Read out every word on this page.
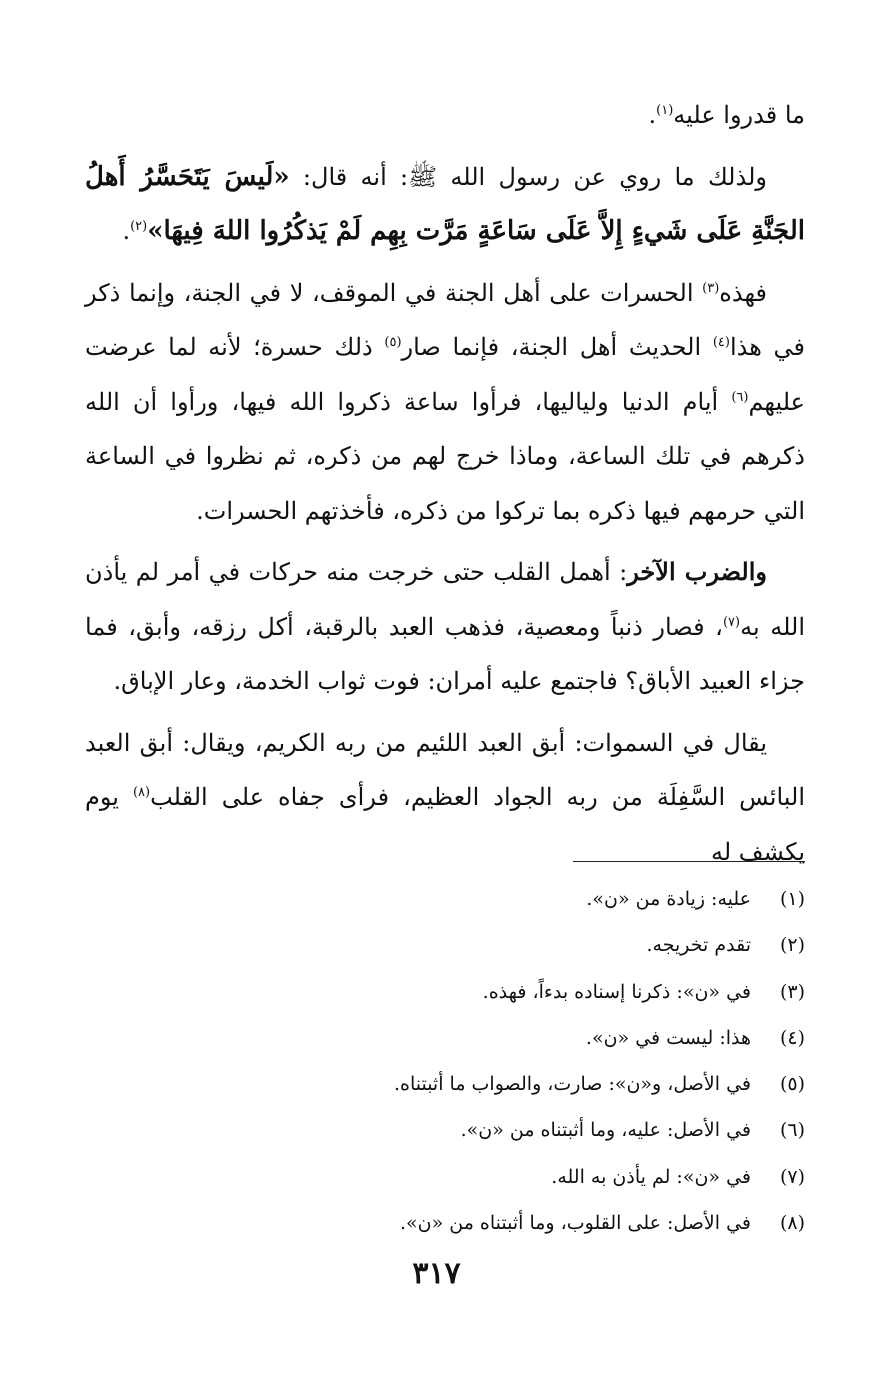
ما قدروا عليه$^{(١)}$.

ولذلك ما روي عن رسول الله ﷺ: أنه قال: «لَيسَ يَتَحَسَّرُ أَهلُ الجَنَّةِ عَلَى شَيءٍ إِلاَّ عَلَى سَاعَةٍ مَرَّت بِهِم لَمْ يَذكُرُوا اللهَ فِيهَا»$^{(٢)}$.

فهذه$^{(٣)}$ الحسرات على أهل الجنة في الموقف، لا في الجنة، وإنما ذكر في هذا$^{(٤)}$ الحديث أهل الجنة، فإنما صار$^{(٥)}$ ذلك حسرة؛ لأنه لما عرضت عليهم$^{(٦)}$ أيام الدنيا ولياليها، فرأوا ساعة ذكروا الله فيها، ورأوا أن الله ذكرهم في تلك الساعة، وماذا خرج لهم من ذكره، ثم نظروا في الساعة التي حرمهم فيها ذكره بما تركوا من ذكره، فأخذتهم الحسرات.

والضرب الآخر: أهمل القلب حتى خرجت منه حركات في أمر لم يأذن الله به$^{(٧)}$، فصار ذنباً ومعصية، فذهب العبد بالرقبة، أكل رزقه، وأبق، فما جزاء العبيد الأباق؟ فاجتمع عليه أمران: فوت ثواب الخدمة، وعار الإباق.

يقال في السموات: أبق العبد اللئيم من ربه الكريم، ويقال: أبق العبد البائس السَّفِلَة من ربه الجواد العظيم، فرأى جفاه على القلب$^{(٨)}$ يوم يكشف له

(١)عليه: زيادة من «ن».
(٢)تقدم تخريجه.
(٣)في «ن»: ذكرنا إسناده بدءاً، فهذه.
(٤)هذا: ليست في «ن».
(٥)في الأصل، و«ن»: صارت، والصواب ما أثبتناه.
(٦)في الأصل: عليه، وما أثبتناه من «ن».
(٧)في «ن»: لم يأذن به الله.
(٨)في الأصل: على القلوب، وما أثبتناه من «ن».
٣١٧
